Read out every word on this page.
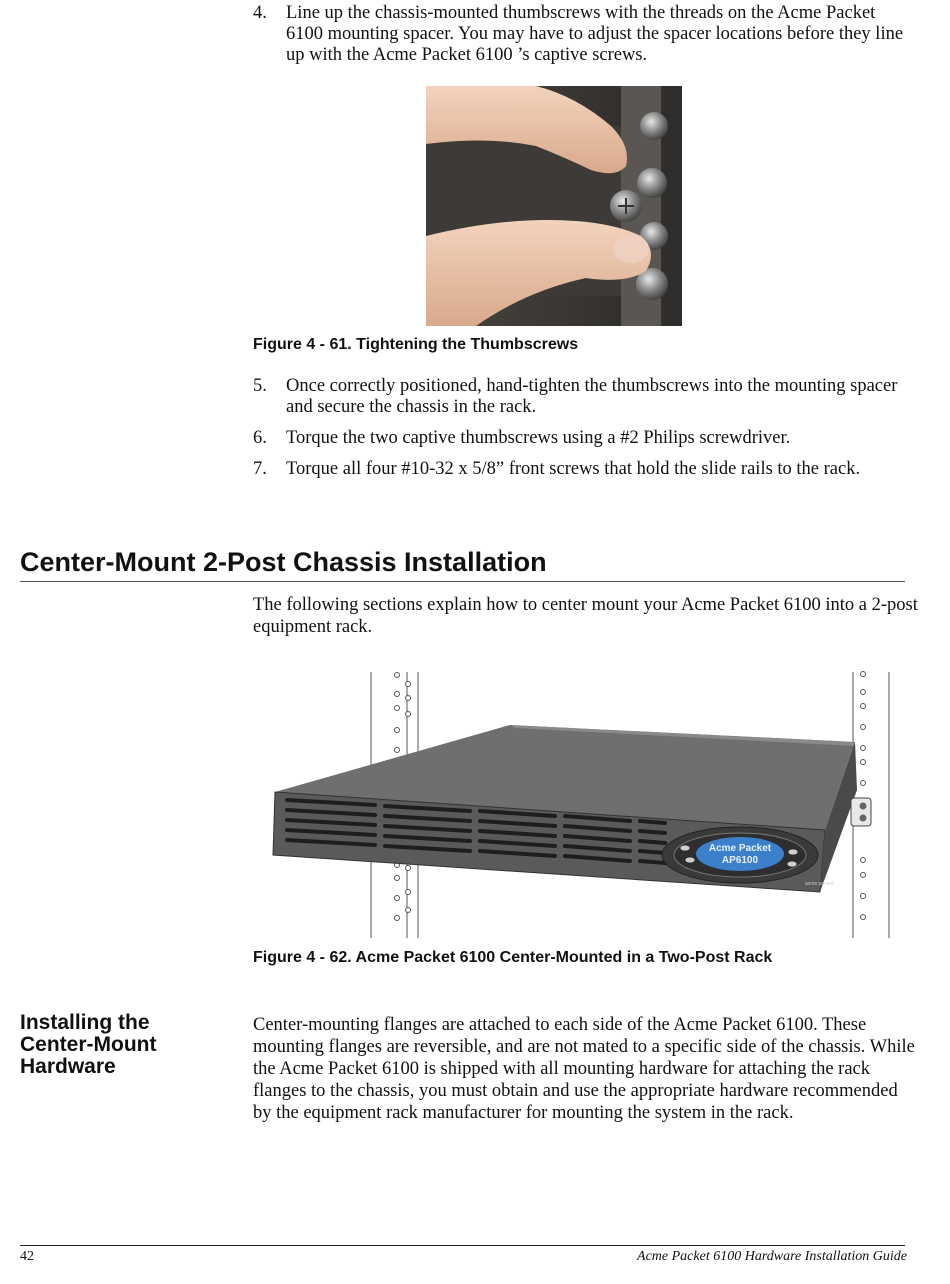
4.	Line up the chassis-mounted thumbscrews with the threads on the Acme Packet 6100 mounting spacer. You may have to adjust the spacer locations before they line up with the Acme Packet 6100 ’s captive screws.
Figure 4 - 61. Tightening the Thumbscrews
5.	Once correctly positioned, hand-tighten the thumbscrews into the mounting spacer and secure the chassis in the rack.
6.	Torque the two captive thumbscrews using a #2 Philips screwdriver.
7.	Torque all four #10-32 x 5/8” front screws that hold the slide rails to the rack.
Center-Mount 2-Post Chassis Installation
The following sections explain how to center mount your Acme Packet 6100 into a 2-post equipment rack.
Acme Packet
AP6100
acme packet
Figure 4 - 62. Acme Packet 6100 Center-Mounted in a Two-Post Rack
Installing the Center-Mount Hardware
Center-mounting flanges are attached to each side of the Acme Packet 6100. These mounting flanges are reversible, and are not mated to a specific side of the chassis. While the Acme Packet 6100 is shipped with all mounting hardware for attaching the rack flanges to the chassis, you must obtain and use the appropriate hardware recommended by the equipment rack manufacturer for mounting the system in the rack.
42	Acme Packet 6100 Hardware Installation Guide
